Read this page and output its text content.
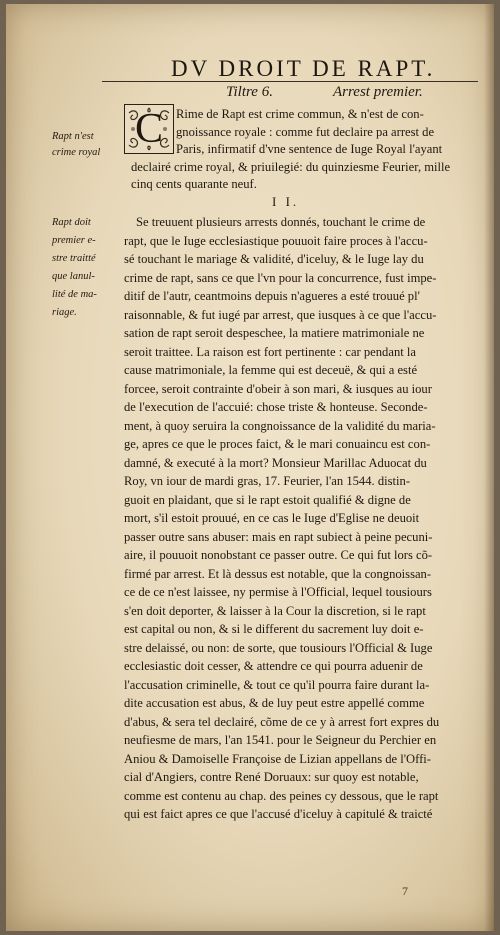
DV DROIT DE RAPT.
Tiltre 6.	Arrest premier.
C
Rapt n'est
crime royal
Rime de Rapt est crime commun, & n'est de con-
gnoissance royale : comme fut declaire pa arrest de
Paris, infirmatif d'vne sentence de Iuge Royal l'ayant
declairé crime royal, & priuilegié: du quinziesme Feurier, mille
cinq cents quarante neuf.
I I.
Rapt doit
premier e-
stre traitté
que lanul-
lité de ma-
riage.
Se treuuent plusieurs arrests donnés, touchant le crime de
rapt, que le Iuge ecclesiastique pouuoit faire proces à l'accu-
sé touchant le mariage & validité, d'iceluy, & le Iuge lay du
crime de rapt, sans ce que l'vn pour la concurrence, fust impe-
ditif de l'autr, ceantmoins depuis n'agueres a esté trouué pl'
raisonnable, & fut iugé par arrest, que iusques à ce que l'accu-
sation de rapt seroit despeschee, la matiere matrimoniale ne
seroit traittee. La raison est fort pertinente : car pendant la
cause matrimoniale, la femme qui est deceuë, & qui a esté
forcee, seroit contrainte d'obeir à son mari, & iusques au iour
de l'execution de l'accuié: chose triste & honteuse. Seconde-
ment, à quoy seruira la congnoissance de la validité du maria-
ge, apres ce que le proces faict, & le mari conuaincu est con-
damné, & executé à la mort? Monsieur Marillac Aduocat du
Roy, vn iour de mardi gras, 17. Feurier, l'an 1544. distin-
guoit en plaidant, que si le rapt estoit qualifié & digne de
mort, s'il estoit prouué, en ce cas le Iuge d'Eglise ne deuoit
passer outre sans abuser: mais en rapt subiect à peine pecuni-
aire, il pouuoit nonobstant ce passer outre. Ce qui fut lors cõ-
firmé par arrest. Et là dessus est notable, que la congnoissan-
ce de ce n'est laissee, ny permise à l'Official, lequel tousiours
s'en doit deporter, & laisser à la Cour la discretion, si le rapt
est capital ou non, & si le different du sacrement luy doit e-
stre delaissé, ou non: de sorte, que tousiours l'Official & Iuge
ecclesiastic doit cesser, & attendre ce qui pourra aduenir de
l'accusation criminelle, & tout ce qu'il pourra faire durant la-
dite accusation est abus, & de luy peut estre appellé comme
d'abus, & sera tel declairé, cõme de ce y à arrest fort expres du
neufiesme de mars, l'an 1541. pour le Seigneur du Perchier en
Aniou & Damoiselle Françoise de Lizian appellans de l'Offi-
cial d'Angiers, contre René Doruaux: sur quoy est notable,
comme est contenu au chap. des peines cy dessous, que le rapt
qui est faict apres ce que l'accusé d'iceluy à capitulé & traicté
7
